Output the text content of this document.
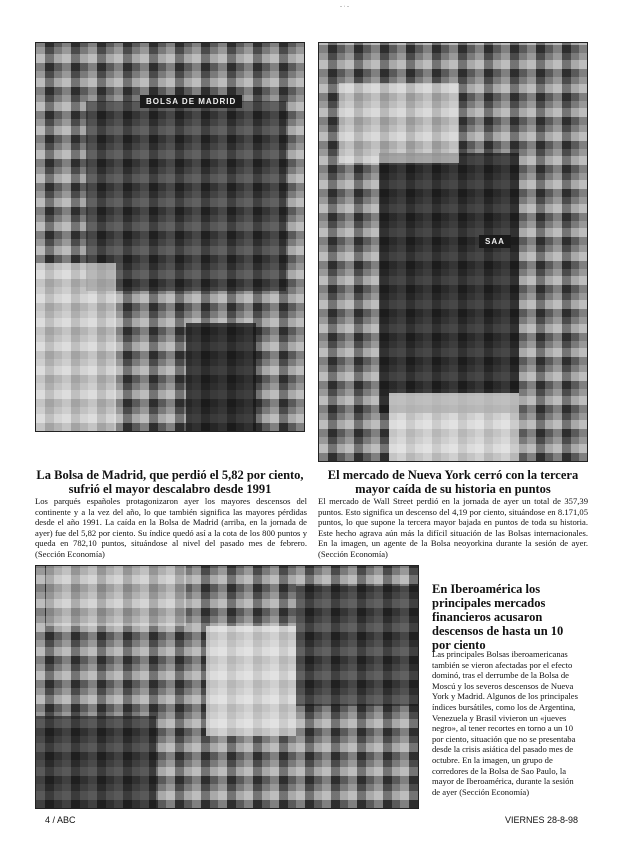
- · -
BOLSA DE MADRID
SAA
La Bolsa de Madrid, que perdió el 5,82 por ciento, sufrió el mayor descalabro desde 1991

Los parqués españoles protagonizaron ayer los mayores descensos del continente y a la vez del año, lo que también significa las mayores pérdidas desde el año 1991. La caída en la Bolsa de Madrid (arriba, en la jornada de ayer) fue del 5,82 por ciento. Su índice quedó así a la cota de los 800 puntos y queda en 782,10 puntos, situándose al nivel del pasado mes de febrero. (Sección Economía)

El mercado de Nueva York cerró con la tercera mayor caída de su historia en puntos

El mercado de Wall Street perdió en la jornada de ayer un total de 357,39 puntos. Esto significa un descenso del 4,19 por ciento, situándose en 8.171,05 puntos, lo que supone la tercera mayor bajada en puntos de toda su historia. Este hecho agrava aún más la difícil situación de las Bolsas internacionales. En la imagen, un agente de la Bolsa neoyorkina durante la sesión de ayer. (Sección Economía)

En Iberoamérica los principales mercados financieros acusaron descensos de hasta un 10 por ciento

Las principales Bolsas iberoamericanas también se vieron afectadas por el efecto dominó, tras el derrumbe de la Bolsa de Moscú y los severos descensos de Nueva York y Madrid. Algunos de los principales índices bursátiles, como los de Argentina, Venezuela y Brasil vivieron un «jueves negro», al tener recortes en torno a un 10 por ciento, situación que no se presentaba desde la crisis asiática del pasado mes de octubre. En la imagen, un grupo de corredores de la Bolsa de Sao Paulo, la mayor de Iberoamérica, durante la sesión de ayer (Sección Economía)

4 / ABC	VIERNES 28-8-98
